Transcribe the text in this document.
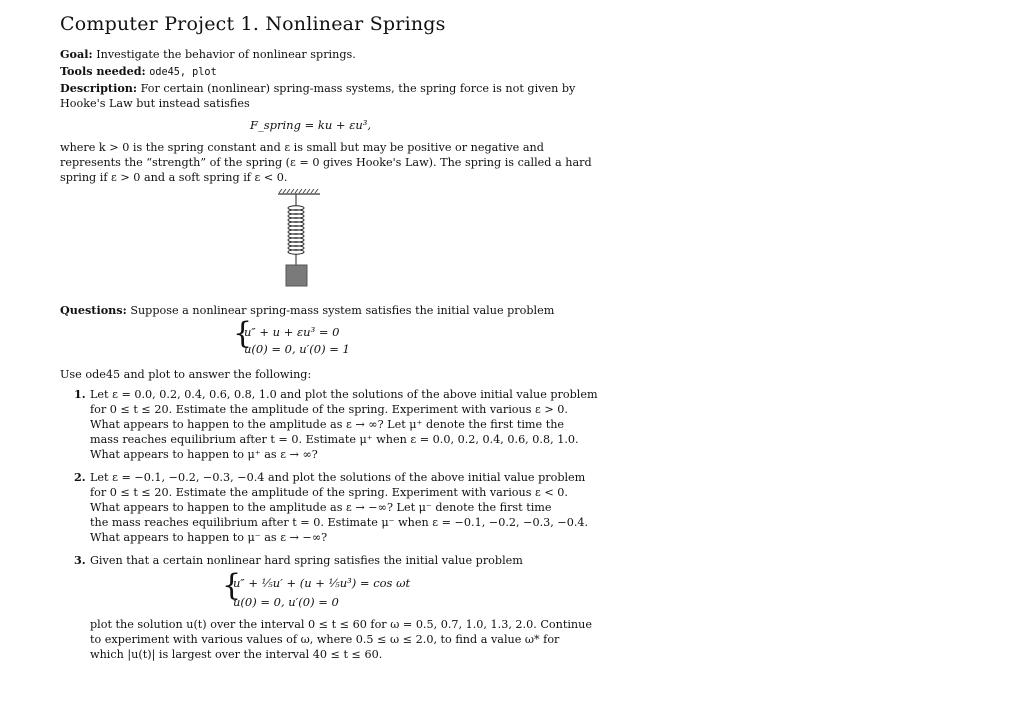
Computer Project 1. Nonlinear Springs
Goal: Investigate the behavior of nonlinear springs.
Tools needed: ode45, plot
Description: For certain (nonlinear) spring-mass systems, the spring force is not given by
Hooke's Law but instead satisfies
F_spring = ku + εu³,
where k > 0 is the spring constant and ε is small but may be positive or negative and
represents the “strength” of the spring (ε = 0 gives Hooke's Law). The spring is called a hard
spring if ε > 0 and a soft spring if ε < 0.
Questions: Suppose a nonlinear spring-mass system satisfies the initial value problem
{
u″ + u + εu³ = 0
u(0) = 0, u′(0) = 1
Use ode45 and plot to answer the following:
1. Let ε = 0.0, 0.2, 0.4, 0.6, 0.8, 1.0 and plot the solutions of the above initial value problem
for 0 ≤ t ≤ 20. Estimate the amplitude of the spring. Experiment with various ε > 0.
What appears to happen to the amplitude as ε → ∞? Let μ⁺ denote the first time the
mass reaches equilibrium after t = 0. Estimate μ⁺ when ε = 0.0, 0.2, 0.4, 0.6, 0.8, 1.0.
What appears to happen to μ⁺ as ε → ∞?
2. Let ε = −0.1, −0.2, −0.3, −0.4 and plot the solutions of the above initial value problem
for 0 ≤ t ≤ 20. Estimate the amplitude of the spring. Experiment with various ε < 0.
What appears to happen to the amplitude as ε → −∞? Let μ⁻ denote the first time
the mass reaches equilibrium after t = 0. Estimate μ⁻ when ε = −0.1, −0.2, −0.3, −0.4.
What appears to happen to μ⁻ as ε → −∞?
3. Given that a certain nonlinear hard spring satisfies the initial value problem
{
u″ + ⅕u′ + (u + ⅕u³) = cos ωt
u(0) = 0, u′(0) = 0
plot the solution u(t) over the interval 0 ≤ t ≤ 60 for ω = 0.5, 0.7, 1.0, 1.3, 2.0. Continue
to experiment with various values of ω, where 0.5 ≤ ω ≤ 2.0, to find a value ω* for
which |u(t)| is largest over the interval 40 ≤ t ≤ 60.
